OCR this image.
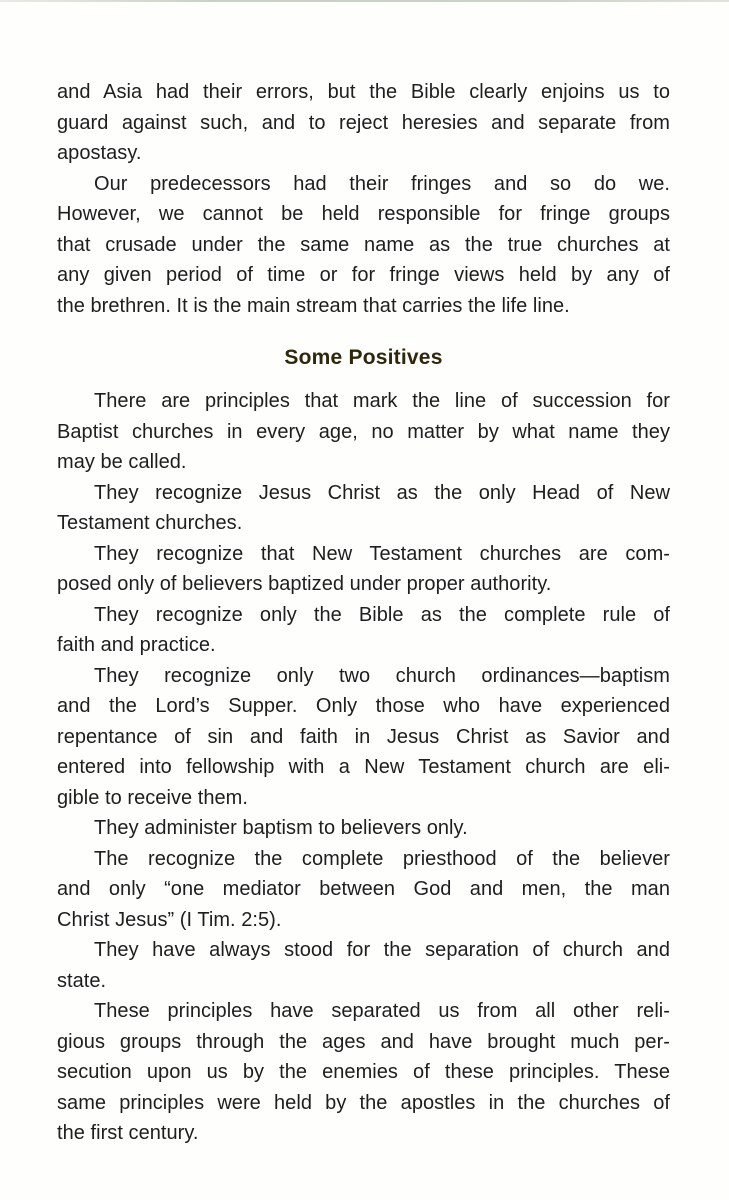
and Asia had their errors, but the Bible clearly enjoins us to
guard against such, and to reject heresies and separate from
apostasy.
Our predecessors had their fringes and so do we.
However, we cannot be held responsible for fringe groups
that crusade under the same name as the true churches at
any given period of time or for fringe views held by any of
the brethren. It is the main stream that carries the life line.
Some Positives
There are principles that mark the line of succession for
Baptist churches in every age, no matter by what name they
may be called.
They recognize Jesus Christ as the only Head of New
Testament churches.
They recognize that New Testament churches are com-
posed only of believers baptized under proper authority.
They recognize only the Bible as the complete rule of
faith and practice.
They recognize only two church ordinances—baptism
and the Lord’s Supper. Only those who have experienced
repentance of sin and faith in Jesus Christ as Savior and
entered into fellowship with a New Testament church are eli-
gible to receive them.
They administer baptism to believers only.
The recognize the complete priesthood of the believer
and only “one mediator between God and men, the man
Christ Jesus” (I Tim. 2:5).
They have always stood for the separation of church and
state.
These principles have separated us from all other reli-
gious groups through the ages and have brought much per-
secution upon us by the enemies of these principles. These
same principles were held by the apostles in the churches of
the first century.
